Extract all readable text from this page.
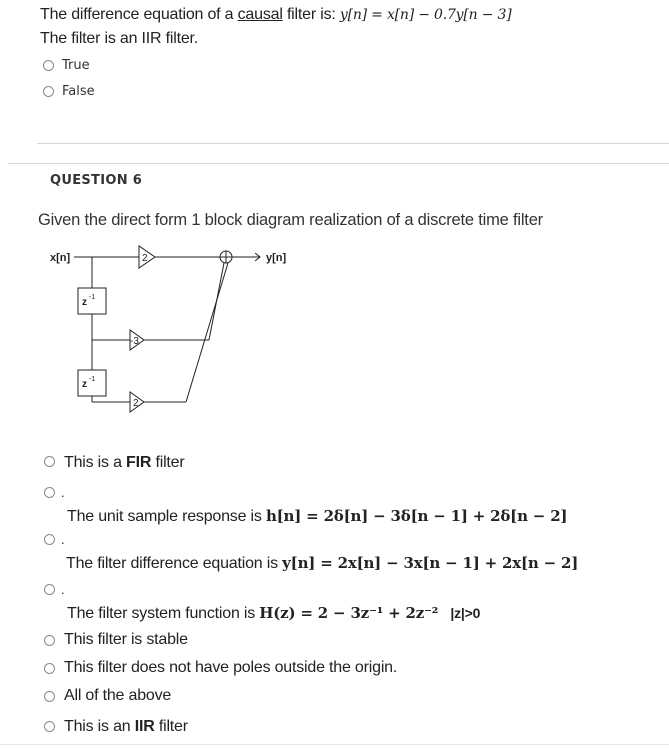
The difference equation of a causal filter is: y[n] = x[n] − 0.7y[n − 3]
The filter is an IIR filter.
True
False
QUESTION 6
Given the direct form 1 block diagram realization of a discrete time filter
x[n]	y[n]
2
-3
2
z -1
z -1
This is a FIR filter
.
The unit sample response is h[n] = 2δ[n] − 3δ[n − 1] + 2δ[n − 2]
.
The filter difference equation is y[n] = 2x[n] − 3x[n − 1] + 2x[n − 2]
.
The filter system function is H(z) = 2 − 3z⁻¹ + 2z⁻² |z|>0
This filter is stable
This filter does not have poles outside the origin.
All of the above
This is an IIR filter
